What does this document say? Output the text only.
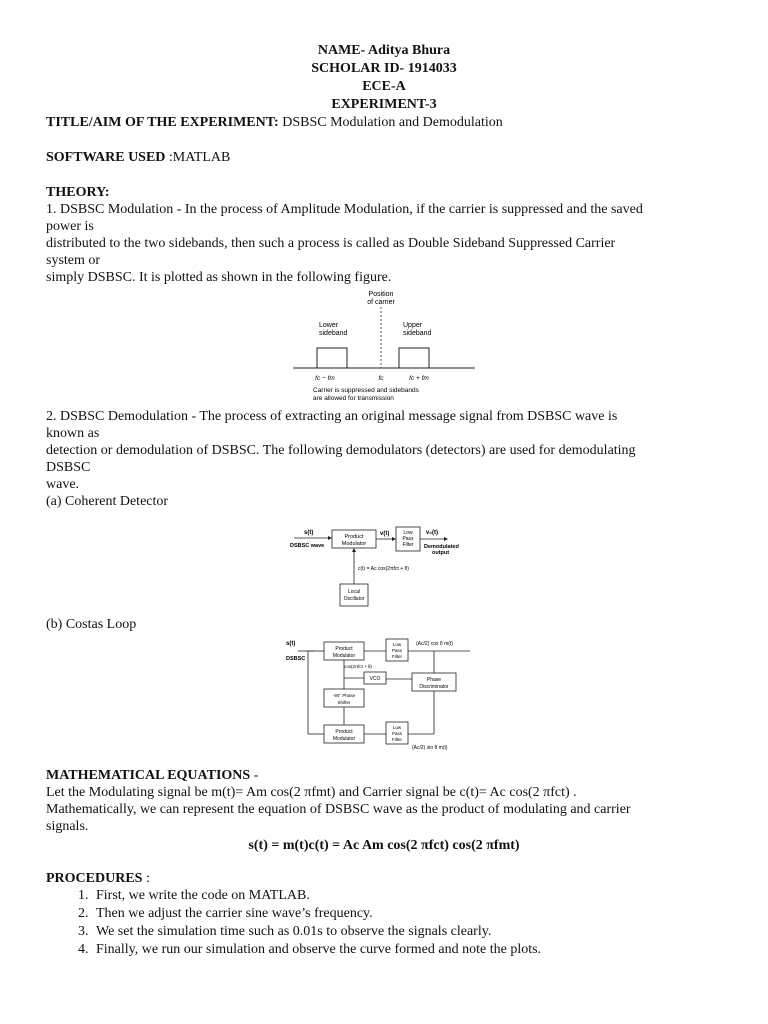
NAME- Aditya Bhura
SCHOLAR ID- 1914033
ECE-A
EXPERIMENT-3
TITLE/AIM OF THE EXPERIMENT: DSBSC Modulation and Demodulation
SOFTWARE USED :MATLAB
THEORY:
1. DSBSC Modulation - In the process of Amplitude Modulation, if the carrier is suppressed and the saved
power is
distributed to the two sidebands, then such a process is called as Double Sideband Suppressed Carrier
system or
simply DSBSC. It is plotted as shown in the following figure.
Position
of carrier
Lower
sideband
Upper
sideband
fc − fm	fc	fc + fm
Carrier is suppressed and sidebands
are allowed for transmission
2. DSBSC Demodulation - The process of extracting an original message signal from DSBSC wave is
known as
detection or demodulation of DSBSC. The following demodulators (detectors) are used for demodulating
DSBSC
wave.
(a) Coherent Detector
s(t)
DSBSC wave
Product
Modulator
v(t)	Low
Pass
Filter
v₀(t)
Demodulated
output
c(t) = Ac cos(2πfct + θ)
Local
Oscillator
(b) Costas Loop
s(t)
DSBSC
Product
Modulator
Low
Pass
Filter
(Ac/2) cos θ m(t)
cos(2πfct + θ)
Phase
Discriminator
VCO
-90° Phase
Shifter
Product
Modulator
Low
Pass
Filter
(Ac/2) sin θ m(t)
MATHEMATICAL EQUATIONS -
Let the Modulating signal be m(t)= Am cos(2 πfmt) and Carrier signal be c(t)= Ac cos(2 πfct) .
Mathematically, we can represent the equation of DSBSC wave as the product of modulating and carrier
signals.
s(t) = m(t)c(t) = Ac Am cos(2 πfct) cos(2 πfmt)
PROCEDURES :
1. First, we write the code on MATLAB.
2. Then we adjust the carrier sine wave’s frequency.
3. We set the simulation time such as 0.01s to observe the signals clearly.
4. Finally, we run our simulation and observe the curve formed and note the plots.
